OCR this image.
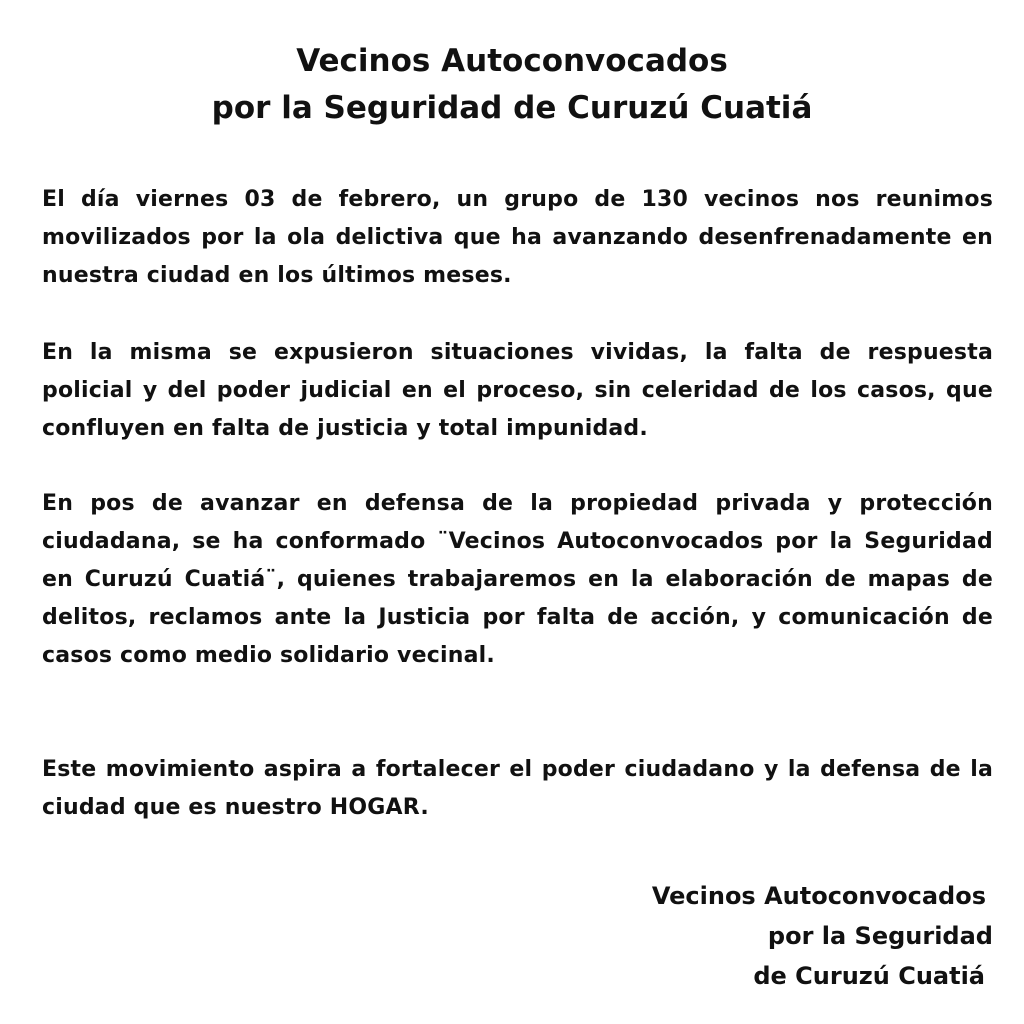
Vecinos Autoconvocados
por la Seguridad de Curuzú Cuatiá

El día viernes 03 de febrero, un grupo de 130 vecinos nos reunimos movilizados por la ola delictiva que ha avanzando desenfrenadamente en nuestra ciudad en los últimos meses.

En la misma se expusieron situaciones vividas, la falta de respuesta policial y del poder judicial en el proceso, sin celeridad de los casos, que confluyen en falta de justicia y total impunidad.

En pos de avanzar en defensa de la propiedad privada y protección ciudadana, se ha conformado ¨Vecinos Autoconvocados por la Seguridad en Curuzú Cuatiá¨, quienes trabajaremos en la elaboración de mapas de delitos, reclamos ante la Justicia por falta de acción, y comunicación de casos como medio solidario vecinal.

Este movimiento aspira a fortalecer el poder ciudadano y la defensa de la ciudad que es nuestro HOGAR.

Vecinos Autoconvocados
por la Seguridad
de Curuzú Cuatiá
